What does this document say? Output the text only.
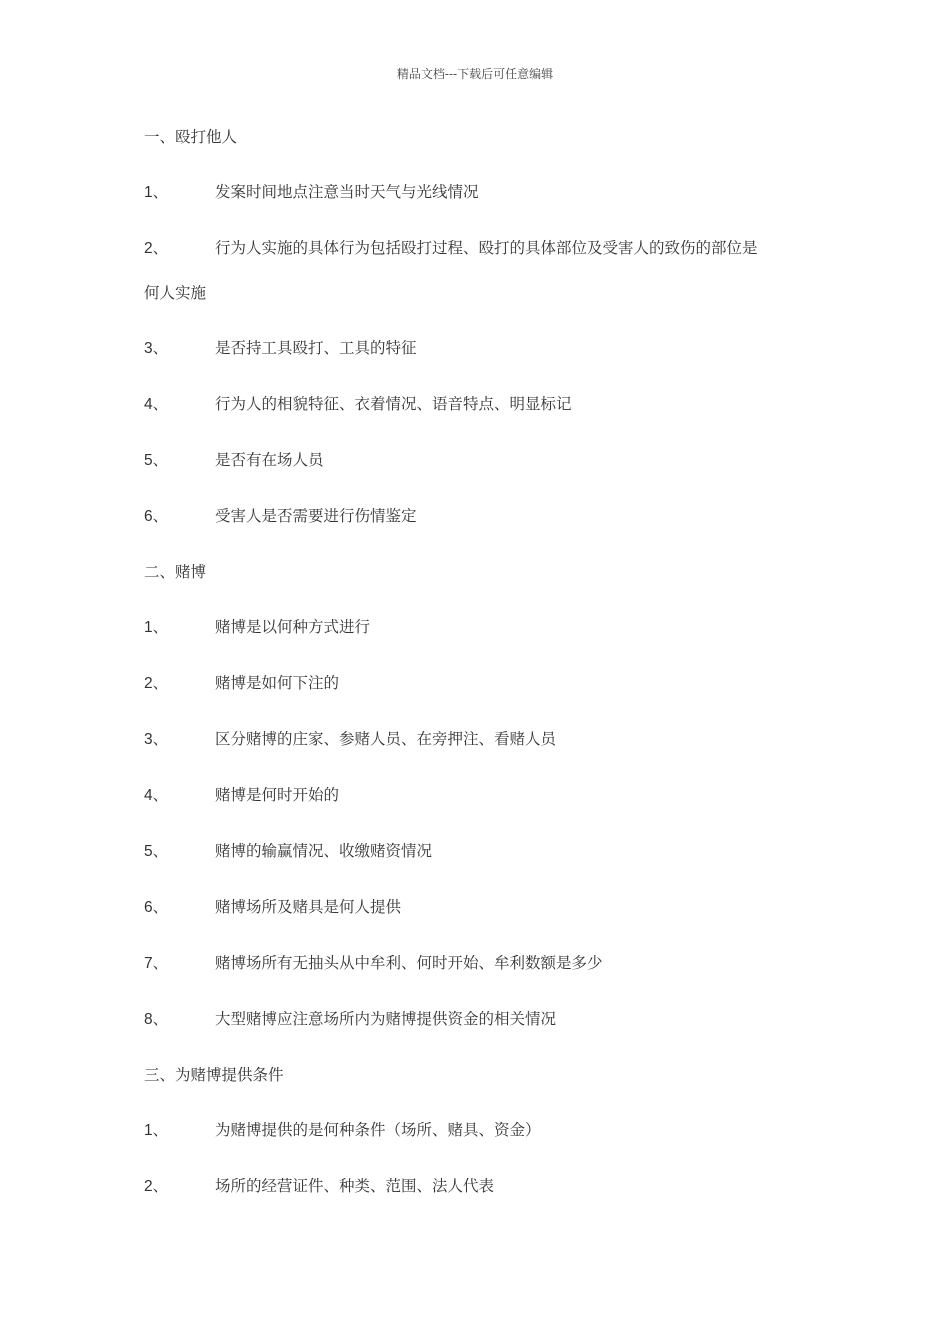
精品文档---下载后可任意编辑
一、殴打他人
1、	发案时间地点注意当时天气与光线情况
2、	行为人实施的具体行为包括殴打过程、殴打的具体部位及受害人的致伤的部位是
何人实施
3、	是否持工具殴打、工具的特征
4、	行为人的相貌特征、衣着情况、语音特点、明显标记
5、	是否有在场人员
6、	受害人是否需要进行伤情鉴定
二、赌博
1、	赌博是以何种方式进行
2、	赌博是如何下注的
3、	区分赌博的庄家、参赌人员、在旁押注、看赌人员
4、	赌博是何时开始的
5、	赌博的输赢情况、收缴赌资情况
6、	赌博场所及赌具是何人提供
7、	赌博场所有无抽头从中牟利、何时开始、牟利数额是多少
8、	大型赌博应注意场所内为赌博提供资金的相关情况
三、为赌博提供条件
1、	为赌博提供的是何种条件（场所、赌具、资金）
2、	场所的经营证件、种类、范围、法人代表
